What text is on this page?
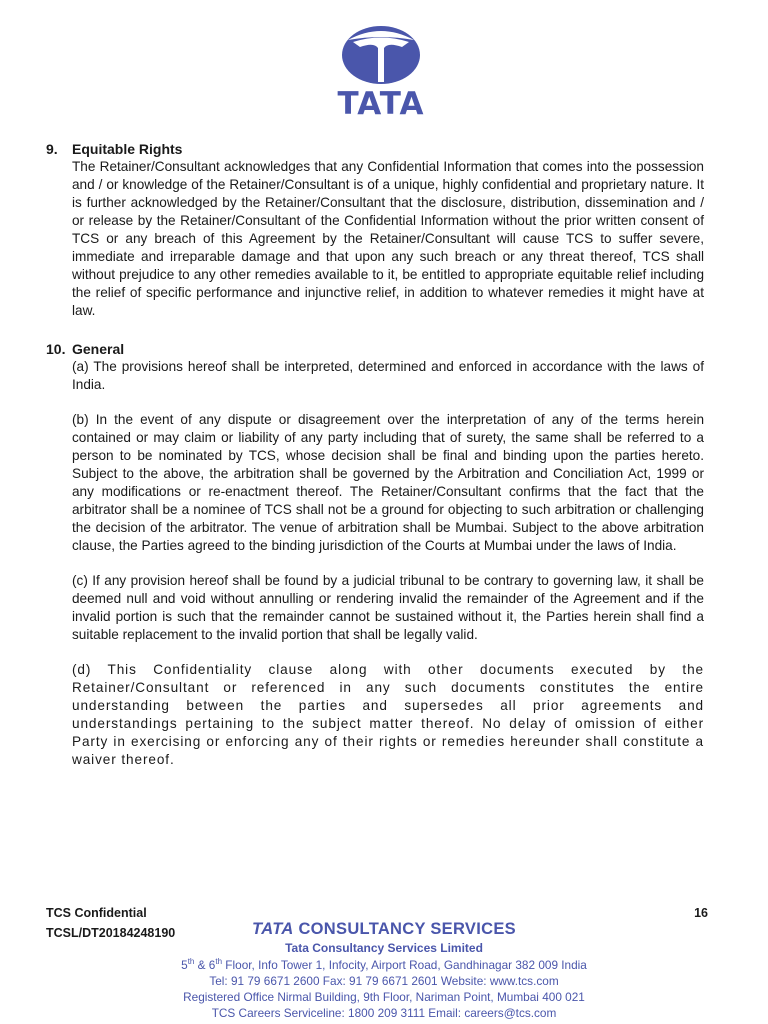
TATA

9. Equitable Rights

The Retainer/Consultant acknowledges that any Confidential Information that comes into the possession and / or knowledge of the Retainer/Consultant is of a unique, highly confidential and proprietary nature. It is further acknowledged by the Retainer/Consultant that the disclosure, distribution, dissemination and / or release by the Retainer/Consultant of the Confidential Information without the prior written consent of TCS or any breach of this Agreement by the Retainer/Consultant will cause TCS to suffer severe, immediate and irreparable damage and that upon any such breach or any threat thereof, TCS shall without prejudice to any other remedies available to it, be entitled to appropriate equitable relief including the relief of specific performance and injunctive relief, in addition to whatever remedies it might have at law.

10. General

(a) The provisions hereof shall be interpreted, determined and enforced in accordance with the laws of India.

(b) In the event of any dispute or disagreement over the interpretation of any of the terms herein contained or may claim or liability of any party including that of surety, the same shall be referred to a person to be nominated by TCS, whose decision shall be final and binding upon the parties hereto. Subject to the above, the arbitration shall be governed by the Arbitration and Conciliation Act, 1999 or any modifications or re-enactment thereof. The Retainer/Consultant confirms that the fact that the arbitrator shall be a nominee of TCS shall not be a ground for objecting to such arbitration or challenging the decision of the arbitrator. The venue of arbitration shall be Mumbai. Subject to the above arbitration clause, the Parties agreed to the binding jurisdiction of the Courts at Mumbai under the laws of India.

(c) If any provision hereof shall be found by a judicial tribunal to be contrary to governing law, it shall be deemed null and void without annulling or rendering invalid the remainder of the Agreement and if the invalid portion is such that the remainder cannot be sustained without it, the Parties herein shall find a suitable replacement to the invalid portion that shall be legally valid.

(d) This Confidentiality clause along with other documents executed by the Retainer/Consultant or referenced in any such documents constitutes the entire understanding between the parties and supersedes all prior agreements and understandings pertaining to the subject matter thereof. No delay of omission of either Party in exercising or enforcing any of their rights or remedies hereunder shall constitute a waiver thereof.

TCS Confidential
TCSL/DT20184248190
16
TATA CONSULTANCY SERVICES
Tata Consultancy Services Limited
5th & 6th Floor, Info Tower 1, Infocity, Airport Road, Gandhinagar 382 009 India
Tel: 91 79 6671 2600 Fax: 91 79 6671 2601 Website: www.tcs.com
Registered Office Nirmal Building, 9th Floor, Nariman Point, Mumbai 400 021
TCS Careers Serviceline: 1800 209 3111 Email: careers@tcs.com
